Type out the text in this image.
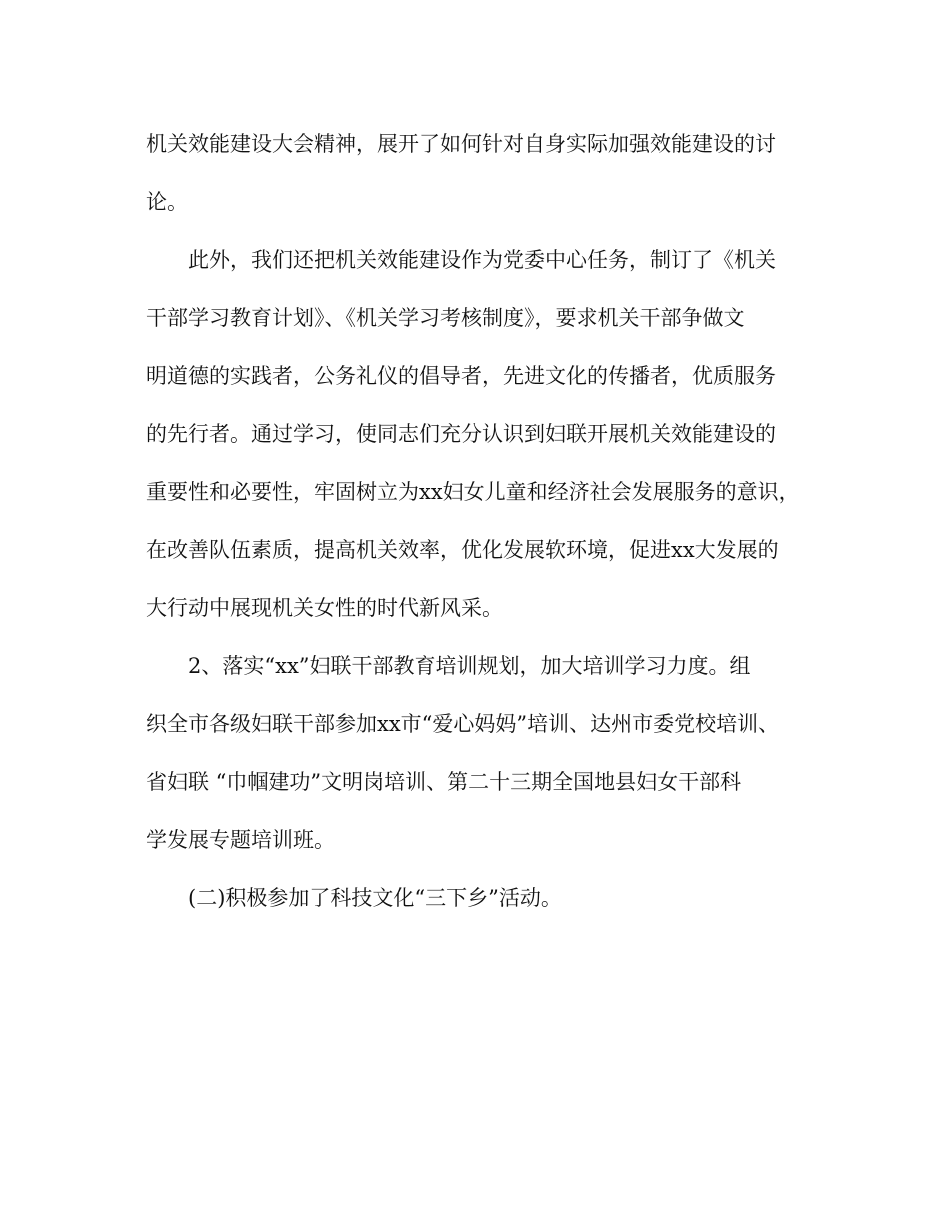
机关效能建设大会精神，展开了如何针对自身实际加强效能建设的讨
论。
此外，我们还把机关效能建设作为党委中心任务，制订了《机关
干部学习教育计划》、《机关学习考核制度》，要求机关干部争做文
明道德的实践者，公务礼仪的倡导者，先进文化的传播者，优质服务
的先行者。通过学习，使同志们充分认识到妇联开展机关效能建设的
重要性和必要性，牢固树立为xx妇女儿童和经济社会发展服务的意识，
在改善队伍素质，提高机关效率，优化发展软环境，促进xx大发展的
大行动中展现机关女性的时代新风采。
2、落实“xx”妇联干部教育培训规划，加大培训学习力度。组
织全市各级妇联干部参加xx市“爱心妈妈”培训、达州市委党校培训、
省妇联 “巾帼建功”文明岗培训、第二十三期全国地县妇女干部科
学发展专题培训班。
(二)积极参加了科技文化“三下乡”活动。
